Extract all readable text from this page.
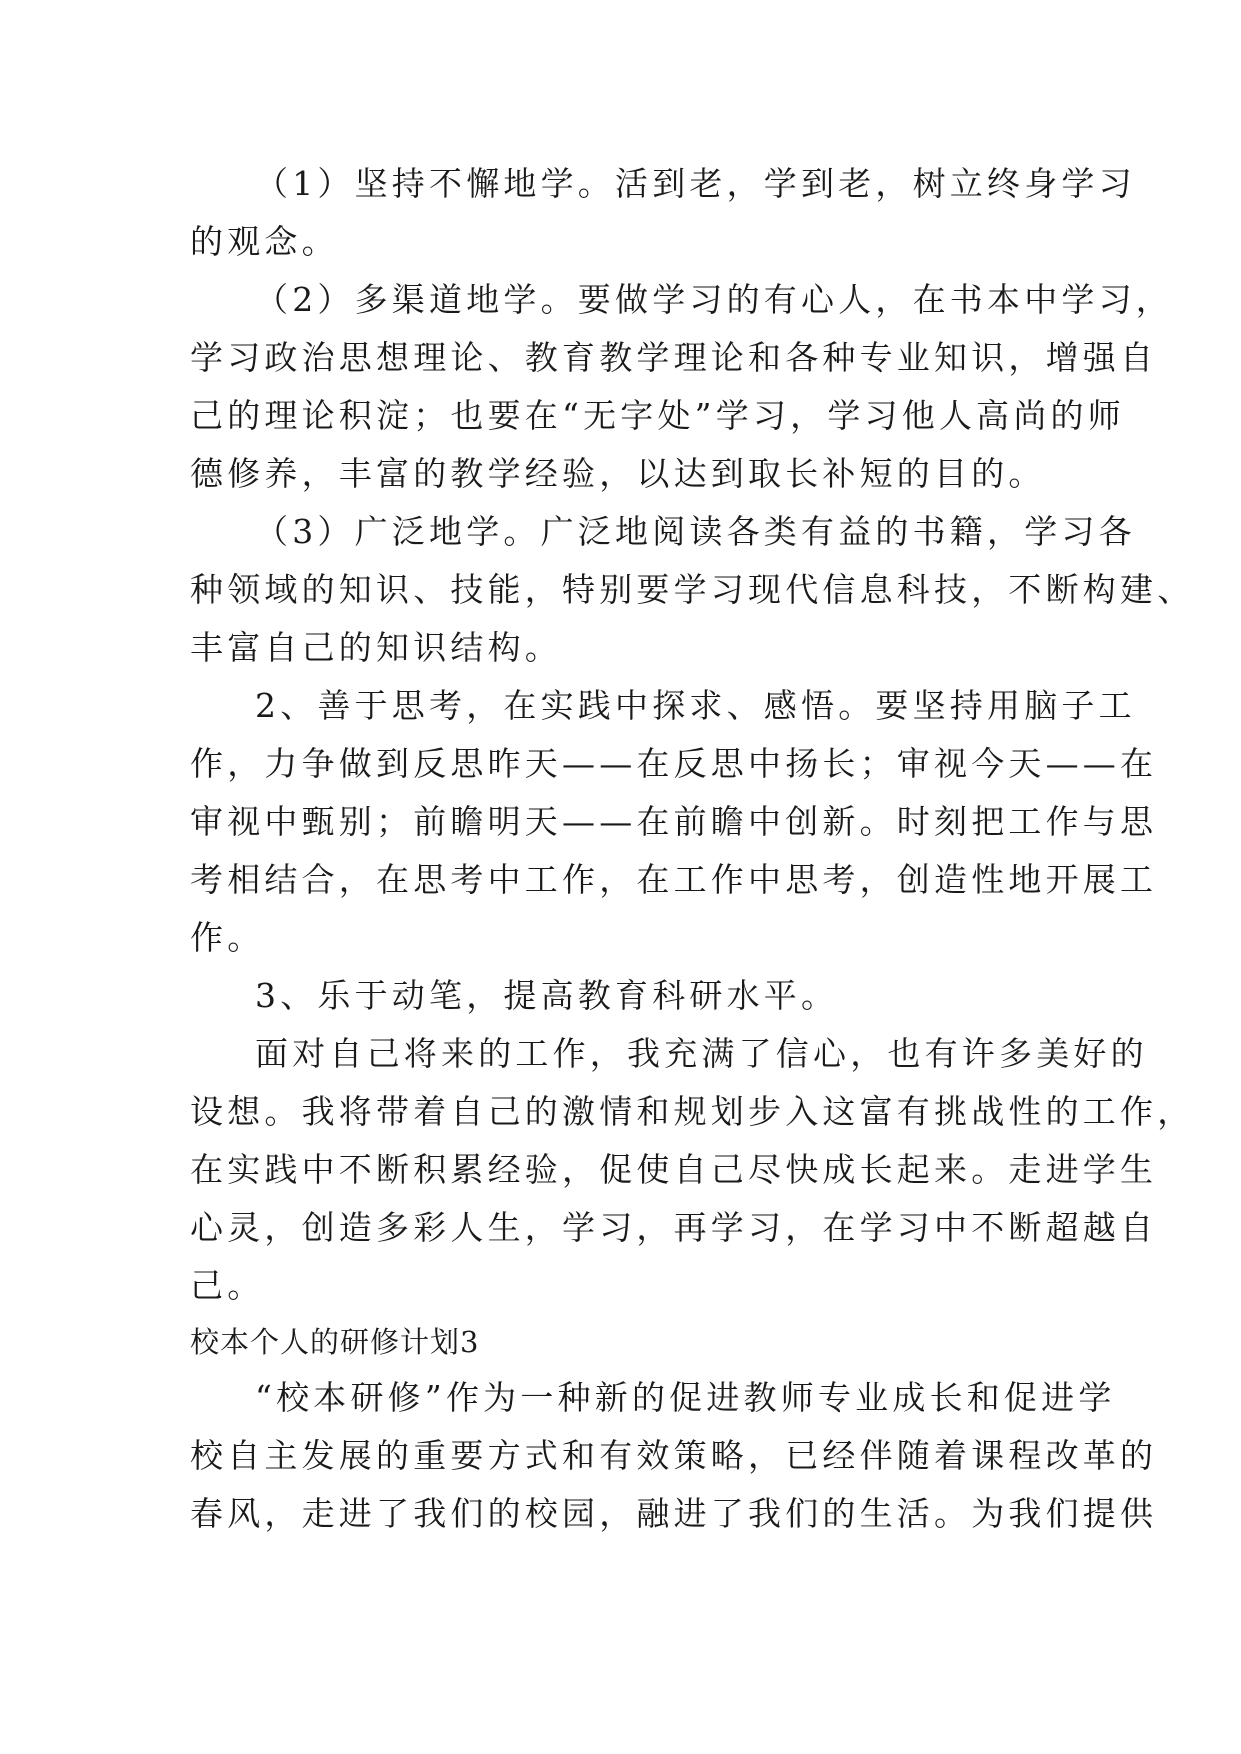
（1）坚持不懈地学。活到老，学到老，树立终身学习
的观念。
（2）多渠道地学。要做学习的有心人，在书本中学习，
学习政治思想理论、教育教学理论和各种专业知识，增强自
己的理论积淀；也要在“无字处”学习，学习他人高尚的师
德修养，丰富的教学经验，以达到取长补短的目的。
（3）广泛地学。广泛地阅读各类有益的书籍，学习各
种领域的知识、技能，特别要学习现代信息科技，不断构建、
丰富自己的知识结构。
2、善于思考，在实践中探求、感悟。要坚持用脑子工
作，力争做到反思昨天——在反思中扬长；审视今天——在
审视中甄别；前瞻明天——在前瞻中创新。时刻把工作与思
考相结合，在思考中工作，在工作中思考，创造性地开展工
作。
3、乐于动笔，提高教育科研水平。
面对自己将来的工作，我充满了信心，也有许多美好的
设想。我将带着自己的激情和规划步入这富有挑战性的工作，
在实践中不断积累经验，促使自己尽快成长起来。走进学生
心灵，创造多彩人生，学习，再学习，在学习中不断超越自
己。
校本个人的研修计划3
“校本研修”作为一种新的促进教师专业成长和促进学
校自主发展的重要方式和有效策略，已经伴随着课程改革的
春风，走进了我们的校园，融进了我们的生活。为我们提供
